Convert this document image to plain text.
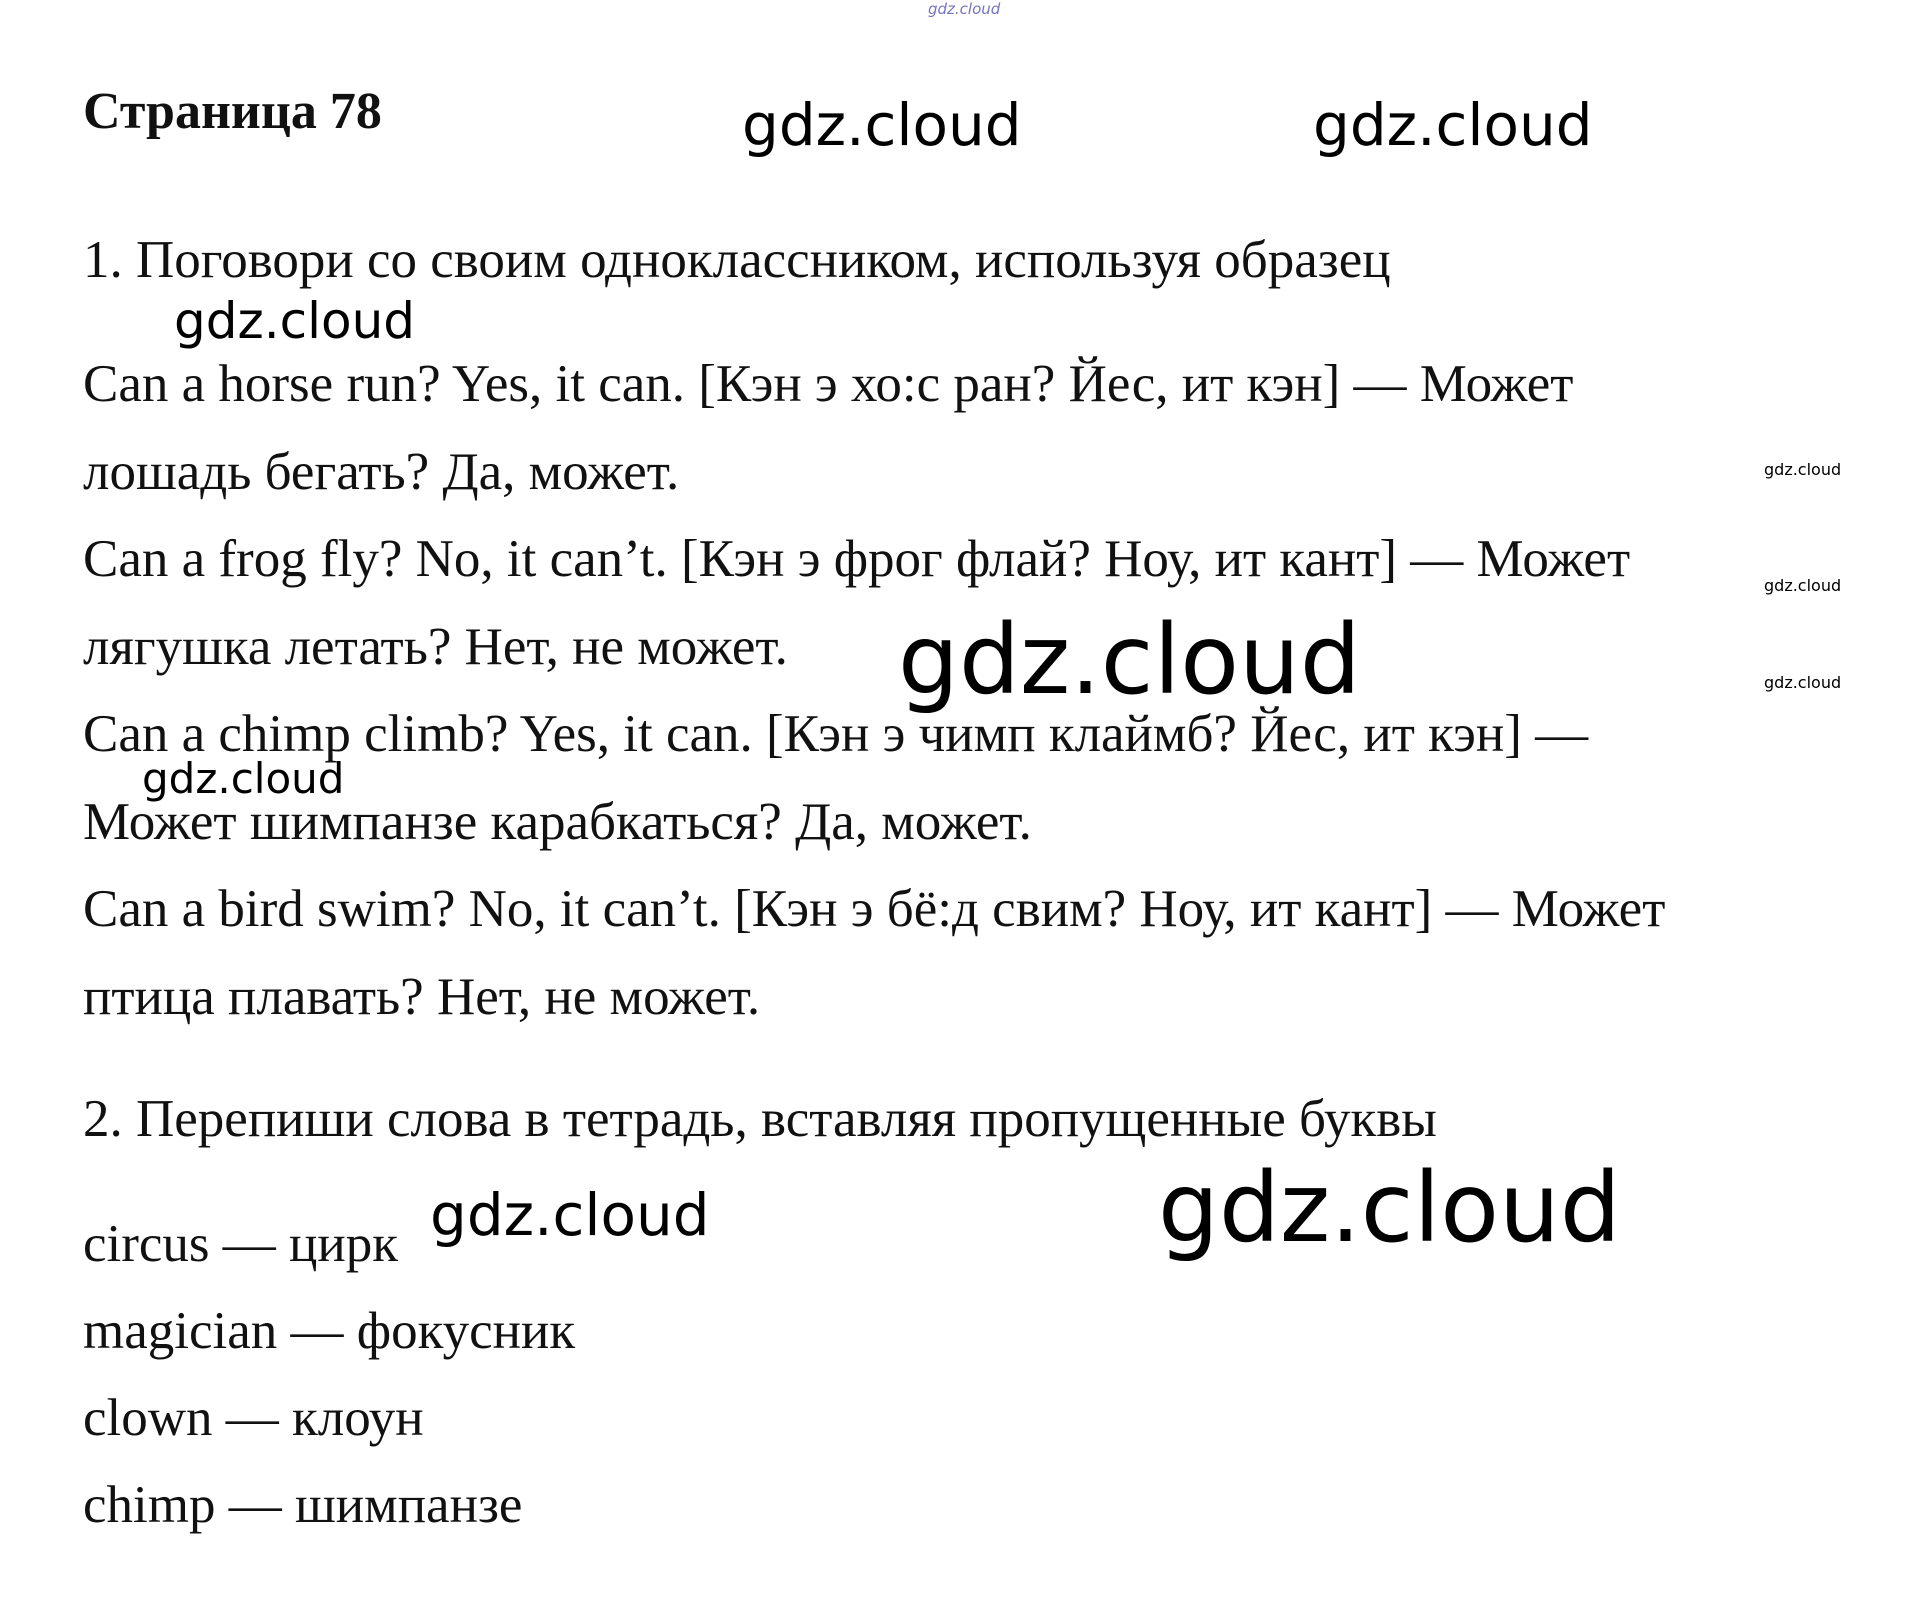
gdz.cloud
gdz.cloud	gdz.cloud
gdz.cloud
gdz.cloud
gdz.cloud
gdz.cloud
gdz.cloud
gdz.cloud
gdz.cloud	gdz.cloud
Страница 78

1. Поговори со своим одноклассником, используя образец

Can a horse run? Yes, it can. [Кэн э хо:с ран? Йес, ит кэн] — Может

лошадь бегать? Да, может.

Can a frog fly? No, it can’t. [Кэн э фрог флай? Ноу, ит кант] — Может

лягушка летать? Нет, не может.

Can a chimp climb? Yes, it can. [Кэн э чимп клаймб? Йес, ит кэн] —

Может шимпанзе карабкаться? Да, может.

Can a bird swim? No, it can’t. [Кэн э бё:д свим? Ноу, ит кант] — Может

птица плавать? Нет, не может.

2. Перепиши слова в тетрадь, вставляя пропущенные буквы

circus — цирк

magician — фокусник

clown — клоун

chimp — шимпанзе
